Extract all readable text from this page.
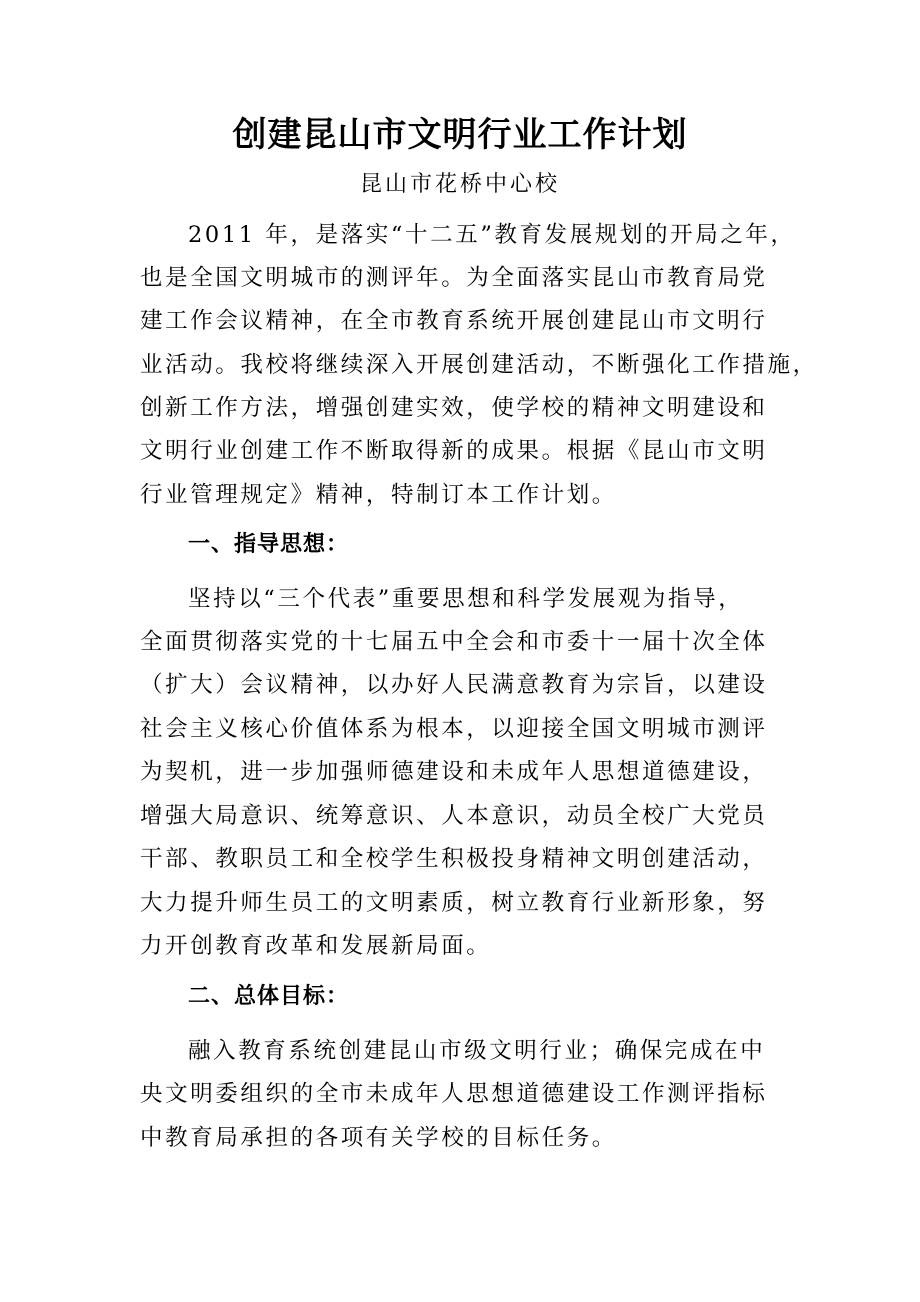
创建昆山市文明行业工作计划
昆山市花桥中心校
2011 年，是落实“十二五”教育发展规划的开局之年，
也是全国文明城市的测评年。为全面落实昆山市教育局党
建工作会议精神，在全市教育系统开展创建昆山市文明行
业活动。我校将继续深入开展创建活动，不断强化工作措施，
创新工作方法，增强创建实效，使学校的精神文明建设和
文明行业创建工作不断取得新的成果。根据《昆山市文明
行业管理规定》精神，特制订本工作计划。
一、指导思想：
坚持以“三个代表”重要思想和科学发展观为指导，
全面贯彻落实党的十七届五中全会和市委十一届十次全体
（扩大）会议精神，以办好人民满意教育为宗旨，以建设
社会主义核心价值体系为根本，以迎接全国文明城市测评
为契机，进一步加强师德建设和未成年人思想道德建设，
增强大局意识、统筹意识、人本意识，动员全校广大党员
干部、教职员工和全校学生积极投身精神文明创建活动，
大力提升师生员工的文明素质，树立教育行业新形象，努
力开创教育改革和发展新局面。
二、总体目标：
融入教育系统创建昆山市级文明行业；确保完成在中
央文明委组织的全市未成年人思想道德建设工作测评指标
中教育局承担的各项有关学校的目标任务。
